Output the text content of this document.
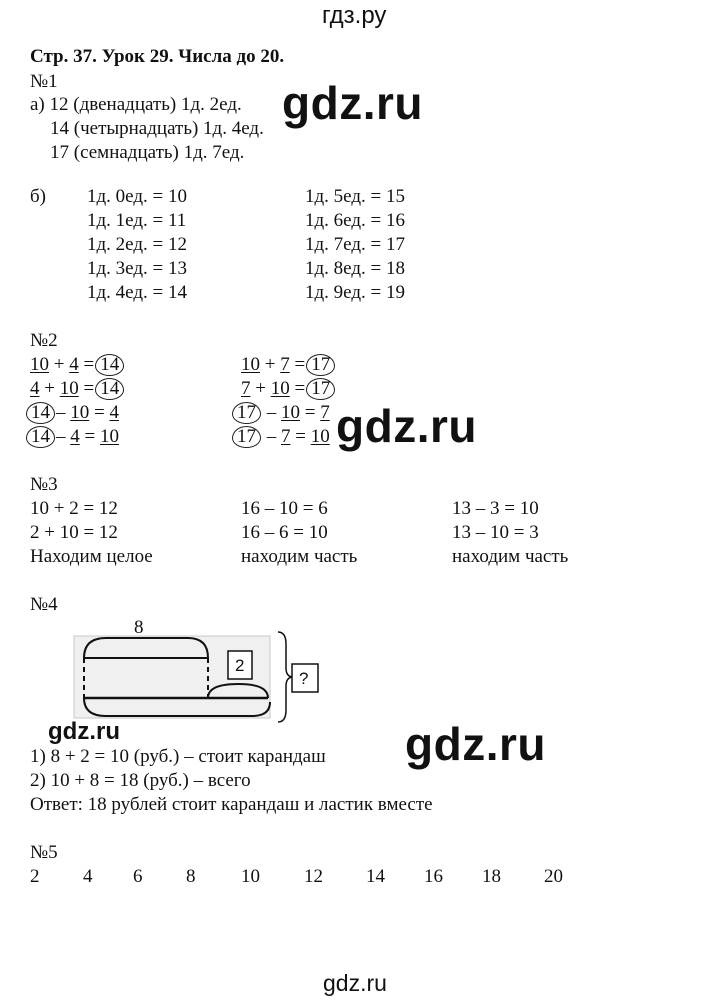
гдз.ру
gdz.ru
gdz.ru
gdz.ru
gdz.ru
gdz.ru
Стр. 37. Урок 29. Числа до 20.
№1
а) 12 (двенадцать) 1д. 2ед.
14 (четырнадцать) 1д. 4ед.
17 (семнадцать) 1д. 7ед.
б) 1д. 0ед. = 10
1д. 1ед. = 11
1д. 2ед. = 12
1д. 3ед. = 13
1д. 4ед. = 14
1д. 5ед. = 15
1д. 6ед. = 16
1д. 7ед. = 17
1д. 8ед. = 18
1д. 9ед. = 19
№2
10 + 4 = 14
4 + 10 = 14
14 – 10 = 4
14 – 4 = 10
10 + 7 = 17
7 + 10 = 17
17 – 10 = 7
17 – 7 = 10
№3
10 + 2 = 12
2 + 10 = 12
Находим целое
16 – 10 = 6
16 – 6 = 10
находим часть
13 – 3 = 10
13 – 10 = 3
находим часть
№4
8
2
?
1) 8 + 2 = 10 (руб.) – стоит карандаш
2) 10 + 8 = 18 (руб.) – всего
Ответ: 18 рублей стоит карандаш и ластик вместе
№5
2 4 6 8 10 12 14 16 18 20
